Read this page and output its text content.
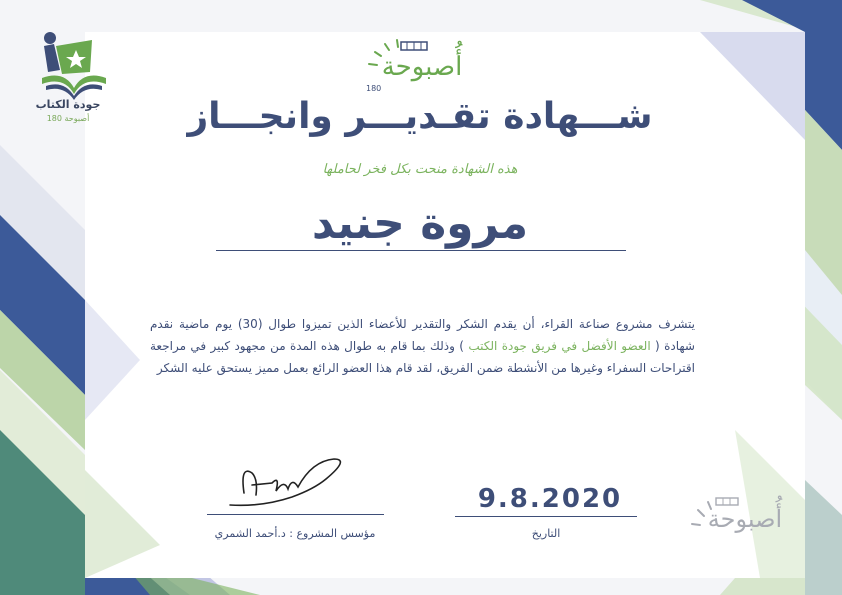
جودة الكتاب
أصبوحة 180
أُصبوحة
180
شـــهادة تقـديـــر وانجـــاز
هذه الشهادة منحت بكل فخر لحاملها
مروة جنيد
يتشرف مشروع صناعة القراء، أن يقدم الشكر والتقدير للأعضاء الذين تميزوا طوال (30) يوم ماضية نقدم شهادة ( العضو الأفضل في فريق جودة الكتب ) وذلك بما قام به طوال هذه المدة من مجهود كبير في مراجعة اقتراحات السفراء وغيرها من الأنشطة ضمن الفريق، لقد قام هذا العضو الرائع بعمل مميز يستحق عليه الشكر
مؤسس المشروع : د.أحمد الشمري
9.8.2020
التاريخ
أُصبوحة
